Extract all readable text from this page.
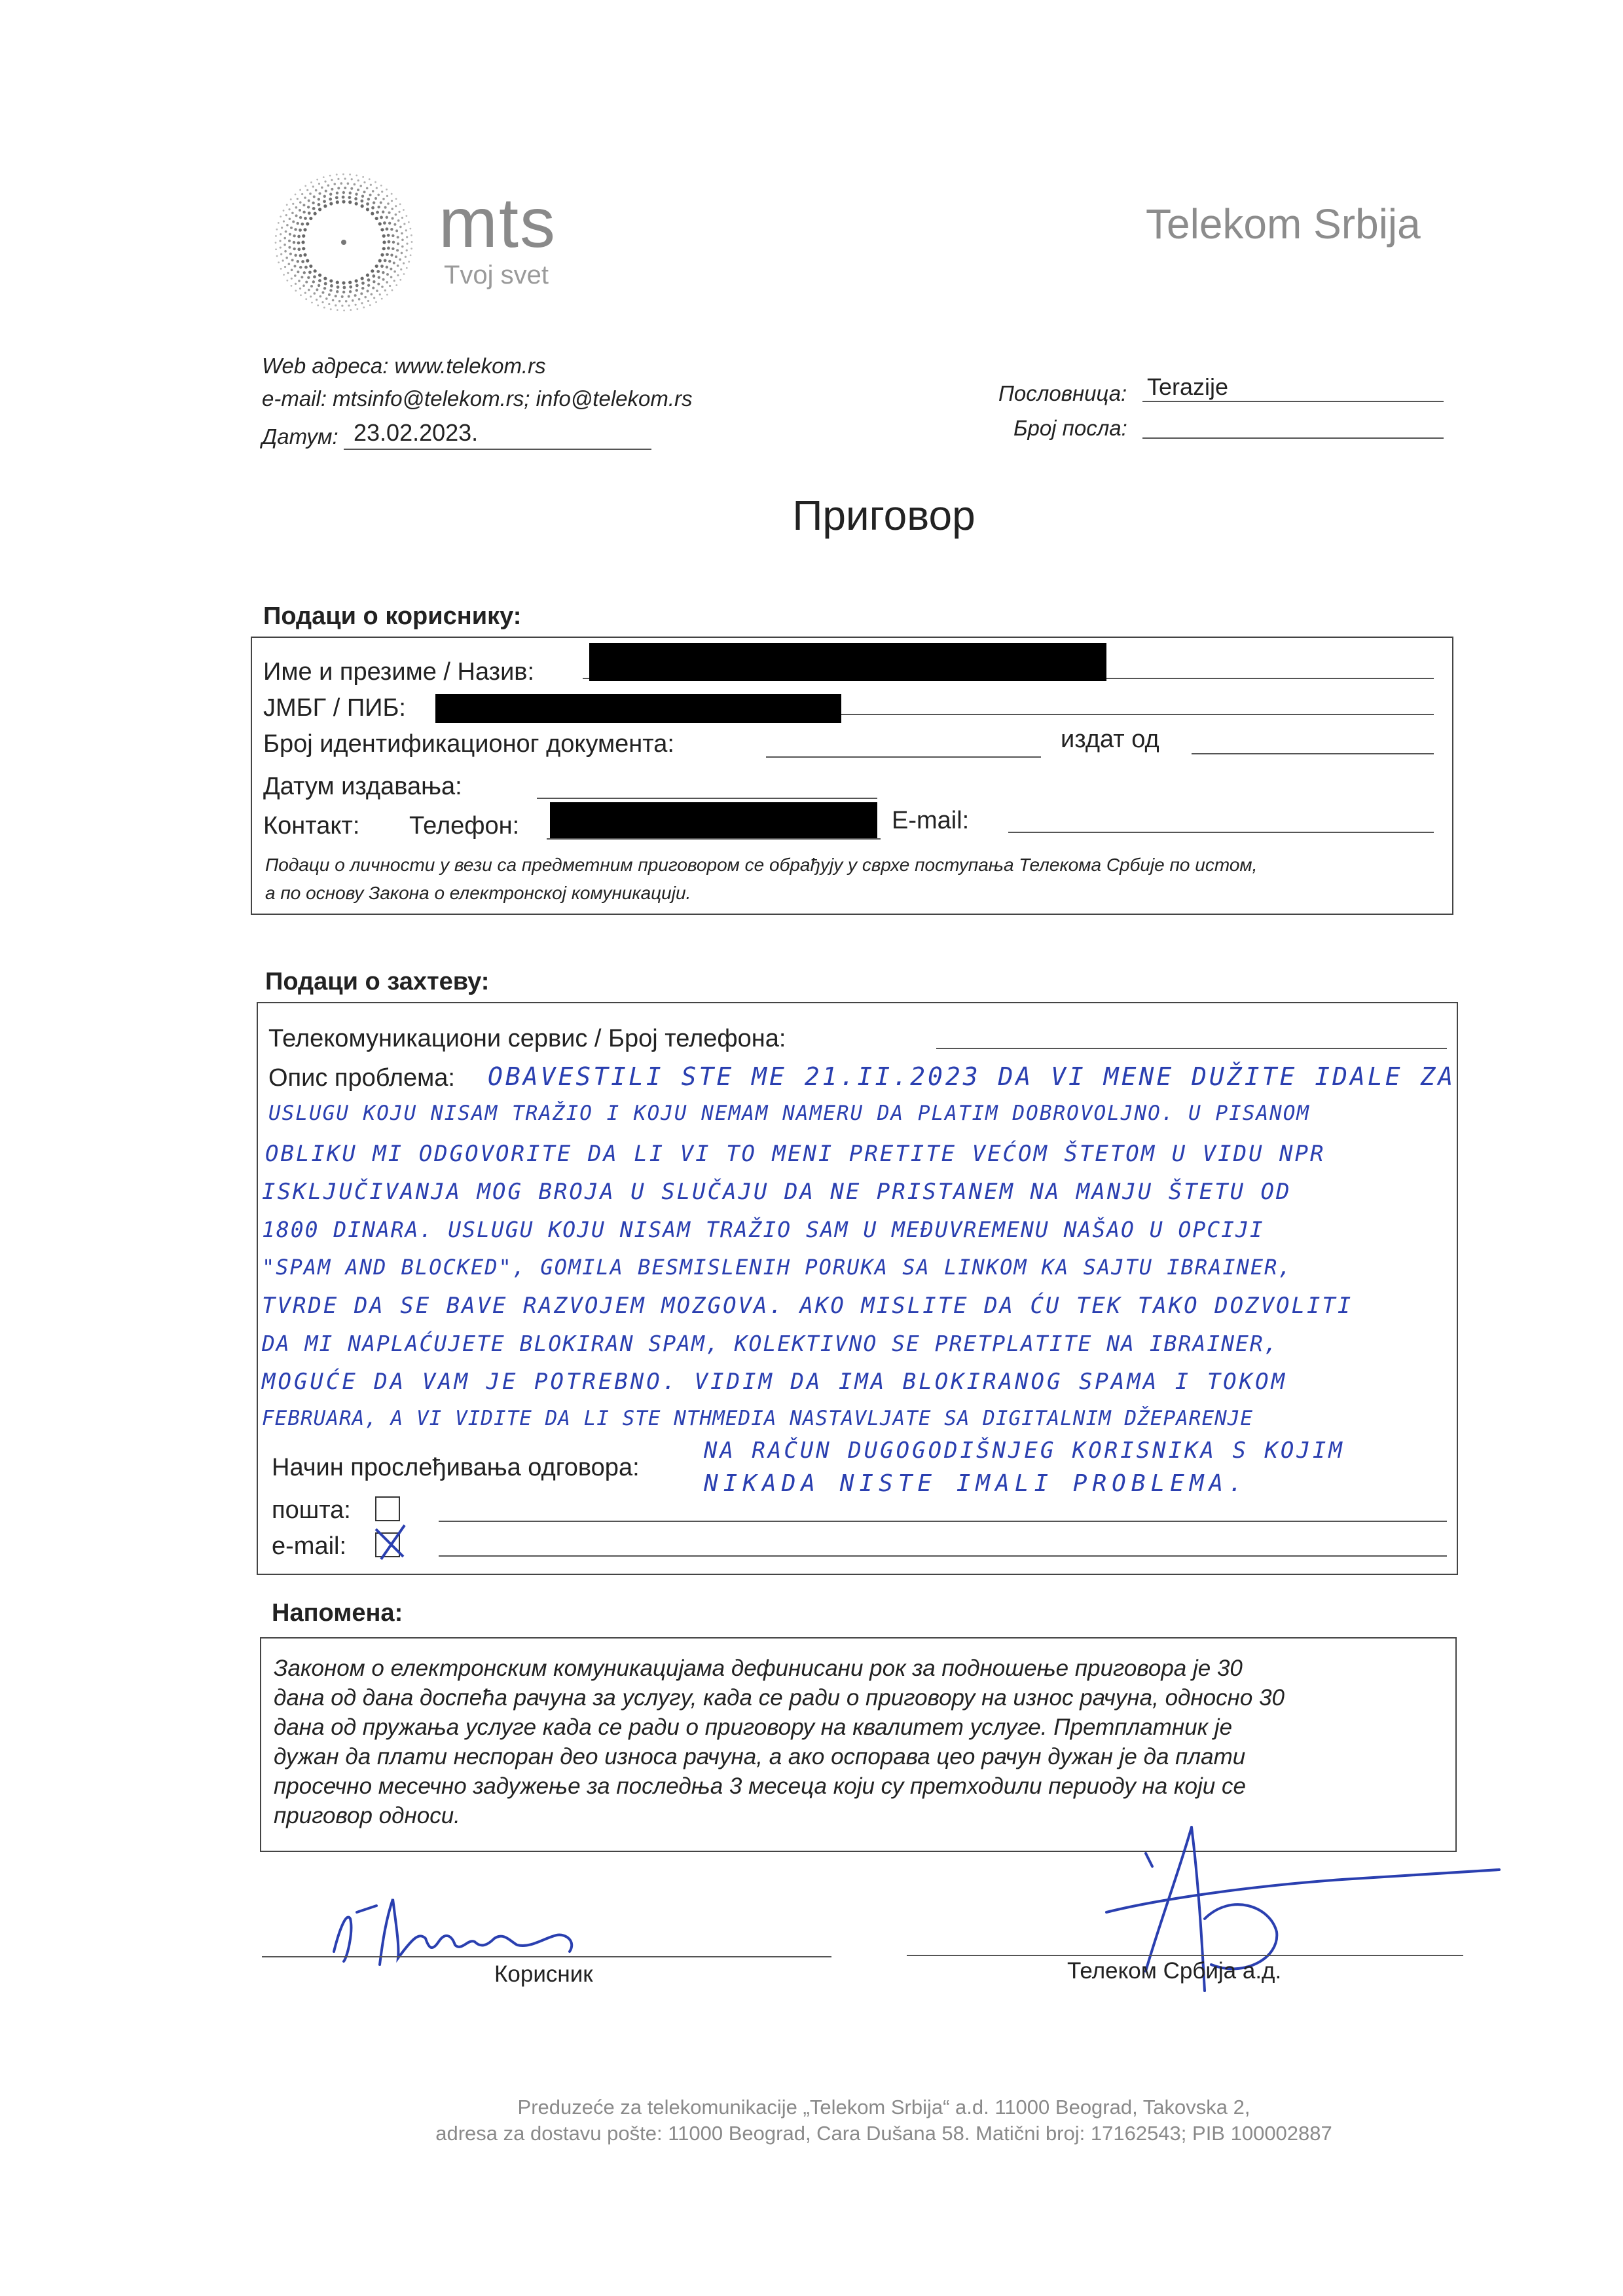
mts
Tvoj svet
Telekom Srbija
Web адреса: www.telekom.rs
e-mail: mtsinfo@telekom.rs; info@telekom.rs
Датум: 23.02.2023.
Пословница: Terazije
Број посла:
Приговор
Подаци о кориснику:
Име и презиме / Назив:
ЈМБГ / ПИБ:
Број идентификационог документа:	издат од
Датум издавања:
Контакт: Телефон:	E-mail:
Подаци о личности у вези са предметним приговором се обрађују у сврхе поступања Телекома Србије по истом,
а по основу Закона о електронској комуникацији.
Подаци о захтеву:
Телекомуникациони сервис / Број телефона:
Опис проблема: OBAVESTILI STE ME 21.II.2023 DA VI MENE DUŽITE IDALE ZA
USLUGU KOJU NISAM TRAŽIO I KOJU NEMAM NAMERU DA PLATIM DOBROVOLJNO. U PISANOM
OBLIKU MI ODGOVORITE DA LI VI TO MENI PRETITE VEĆOM ŠTETOM U VIDU NPR
ISKLJUČIVANJA MOG BROJA U SLUČAJU DA NE PRISTANEM NA MANJU ŠTETU OD
1800 DINARA. USLUGU KOJU NISAM TRAŽIO SAM U MEĐUVREMENU NAŠAO U OPCIJI
"SPAM AND BLOCKED", GOMILA BESMISLENIH PORUKA SA LINKOM KA SAJTU IBRAINER,
TVRDE DA SE BAVE RAZVOJEM MOZGOVA. AKO MISLITE DA ĆU TEK TAKO DOZVOLITI
DA MI NAPLAĆUJETE BLOKIRAN SPAM, KOLEKTIVNO SE PRETPLATITE NA IBRAINER,
MOGUĆE DA VAM JE POTREBNO. VIDIM DA IMA BLOKIRANOG SPAMA I TOKOM
FEBRUARA, A VI VIDITE DA LI STE NTHMEDIA NASTAVLJATE SA DIGITALNIM DŽEPARENJE
NA RAČUN DUGOGODIŠNJEG KORISNIKA S KOJIM
NIKADA NISTE IMALI PROBLEMA.
Начин прослеђивања одговора:
пошта:
e-mail:
Напомена:
Законом о електронским комуникацијама дефинисани рок за подношење приговора је 30
дана од дана доспећа рачуна за услугу, када се ради о приговору на износ рачуна, односно 30
дана од пружања услуге када се ради о приговору на квалитет услуге. Претплатник је
дужан да плати неспоран део износа рачуна, а ако оспорава цео рачун дужан је да плати
просечно месечно задужење за последња 3 месеца који су претходили периоду на који се
приговор односи.
Корисник	Телеком Србија а.д.
Preduzeće za telekomunikacije „Telekom Srbija“ a.d. 11000 Beograd, Takovska 2,
adresa za dostavu pošte: 11000 Beograd, Cara Dušana 58. Matični broj: 17162543; PIB 100002887
